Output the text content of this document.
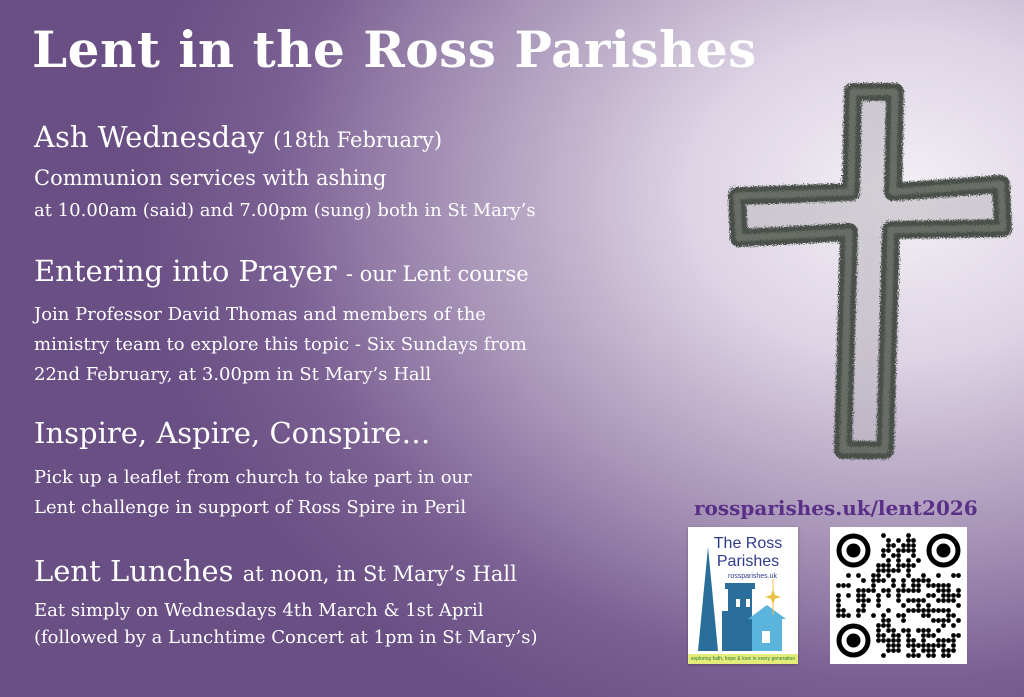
Lent in the Ross Parishes
Ash Wednesday (18th February)
Communion services with ashing
at 10.00am (said) and 7.00pm (sung) both in St Mary’s
Entering into Prayer - our Lent course
Join Professor David Thomas and members of the
ministry team to explore this topic - Six Sundays from
22nd February, at 3.00pm in St Mary’s Hall
Inspire, Aspire, Conspire…
Pick up a leaflet from church to take part in our
Lent challenge in support of Ross Spire in Peril
Lent Lunches at noon, in St Mary’s Hall
Eat simply on Wednesdays 4th March & 1st April
(followed by a Lunchtime Concert at 1pm in St Mary’s)
rossparishes.uk/lent2026
The Ross Parishes
rossparishes.uk
exploring faith, hope & love in every generation
